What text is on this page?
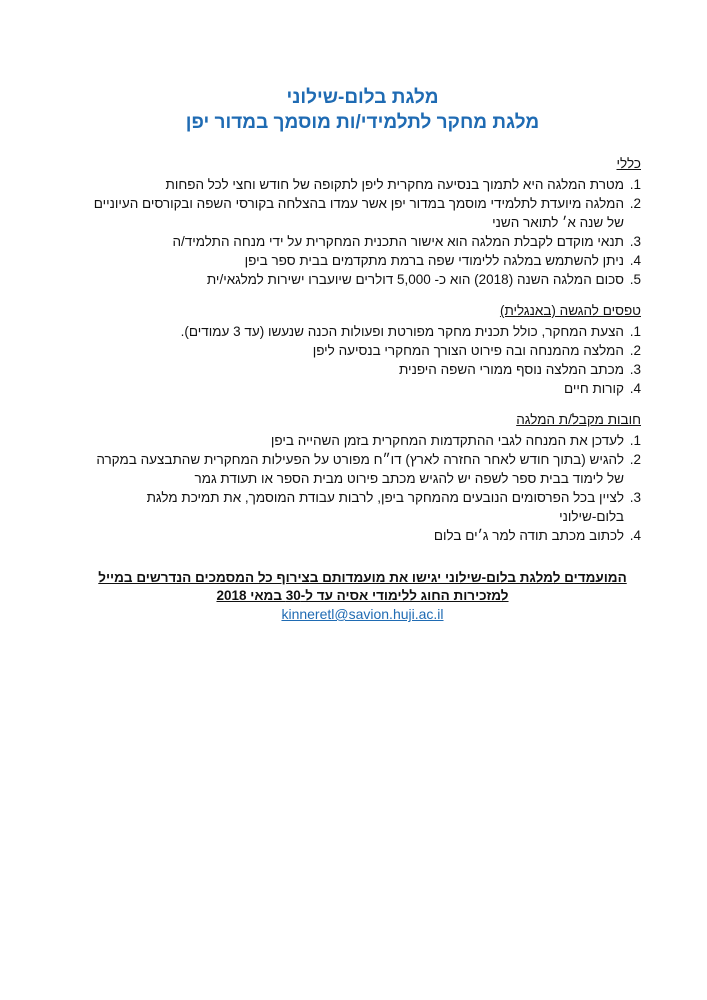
מלגת בלום-שילוני
מלגת מחקר לתלמידי/ות מוסמך במדור יפן
כללי
1.
מטרת המלגה היא לתמוך בנסיעה מחקרית ליפן לתקופה של חודש וחצי לכל הפחות
2.
המלגה מיועדת לתלמידי מוסמך במדור יפן אשר עמדו בהצלחה בקורסי השפה ובקורסים העיוניים של שנה א׳ לתואר השני
3.
תנאי מוקדם לקבלת המלגה הוא אישור התכנית המחקרית על ידי מנחה התלמיד/ה
4.
ניתן להשתמש במלגה ללימודי שפה ברמת מתקדמים בבית ספר ביפן
5.
סכום המלגה השנה (2018) הוא כ- 5,000 דולרים שיועברו ישירות למלגאי/ית
טפסים להגשה (באנגלית)
1.
הצעת המחקר, כולל תכנית מחקר מפורטת ופעולות הכנה שנעשו (עד 3 עמודים).
2.
המלצה מהמנחה ובה פירוט הצורך המחקרי בנסיעה ליפן
3.
מכתב המלצה נוסף ממורי השפה היפנית
4.
קורות חיים
חובות מקבל/ת המלגה
1.
לעדכן את המנחה לגבי ההתקדמות המחקרית בזמן השהייה ביפן
2.
להגיש (בתוך חודש לאחר החזרה לארץ) דו״ח מפורט על הפעילות המחקרית שהתבצעה במקרה של לימוד בבית ספר לשפה יש להגיש מכתב פירוט מבית הספר או תעודת גמר
3.
לציין בכל הפרסומים הנובעים מהמחקר ביפן, לרבות עבודת המוסמך, את תמיכת מלגת בלום-שילוני
4.
לכתוב מכתב תודה למר ג׳ים בלום
המועמדים למלגת בלום-שילוני יגישו את מועמדותם בצירוף כל המסמכים הנדרשים במייל למזכירות החוג ללימודי אסיה עד ל-30 במאי 2018
kinneretl@savion.huji.ac.il
